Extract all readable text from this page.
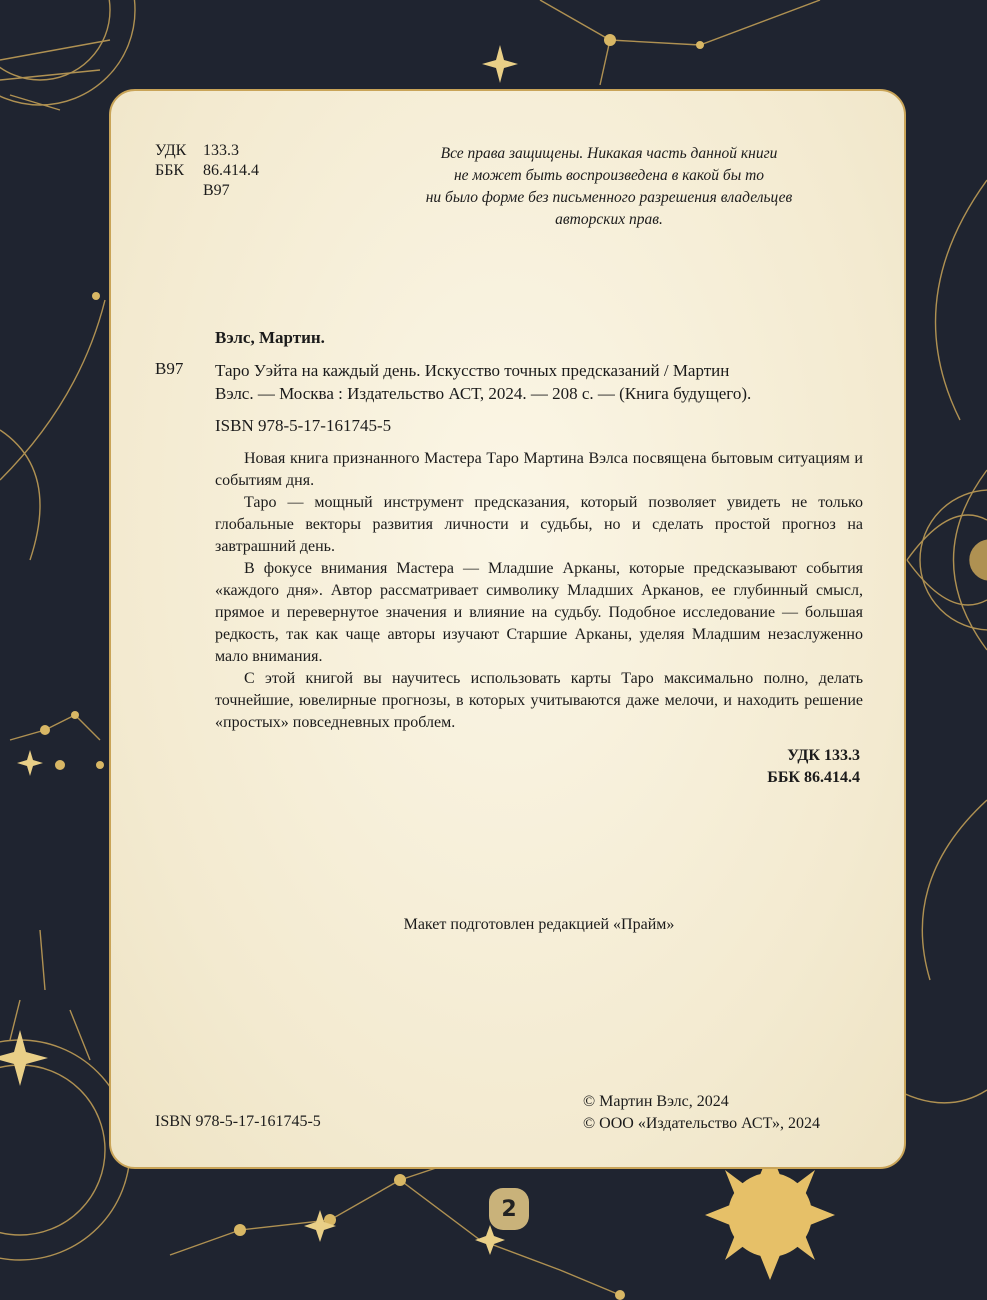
УДК	133.3
ББК	86.414.4
В97
Все права защищены. Никакая часть данной книги
не может быть воспроизведена в какой бы то
ни было форме без письменного разрешения владельцев
авторских прав.
Вэлс, Мартин.
В97 Таро Уэйта на каждый день. Искусство точных предсказаний / Мартин
Вэлс. — Москва : Издательство АСТ, 2024. — 208 с. — (Книга будущего).
ISBN 978-5-17-161745-5

Новая книга признанного Мастера Таро Мартина Вэлса посвящена бытовым ситуациям и событиям дня.

Таро — мощный инструмент предсказания, который позволяет увидеть не только глобальные векторы развития личности и судьбы, но и сделать простой прогноз на завтрашний день.

В фокусе внимания Мастера — Младшие Арканы, которые предсказывают события «каждого дня». Автор рассматривает символику Младших Арканов, ее глубинный смысл, прямое и перевернутое значения и влияние на судьбу. Подобное исследование — большая редкость, так как чаще авторы изучают Старшие Арканы, уделяя Младшим незаслуженно мало внимания.

С этой книгой вы научитесь использовать карты Таро максимально полно, делать точнейшие, ювелирные прогнозы, в которых учитываются даже мелочи, и находить решение «простых» повседневных проблем.

УДК 133.3
ББК 86.414.4
Макет подготовлен редакцией «Прайм»
ISBN 978-5-17-161745-5
© Мартин Вэлс, 2024
© ООО «Издательство АСТ», 2024
2
